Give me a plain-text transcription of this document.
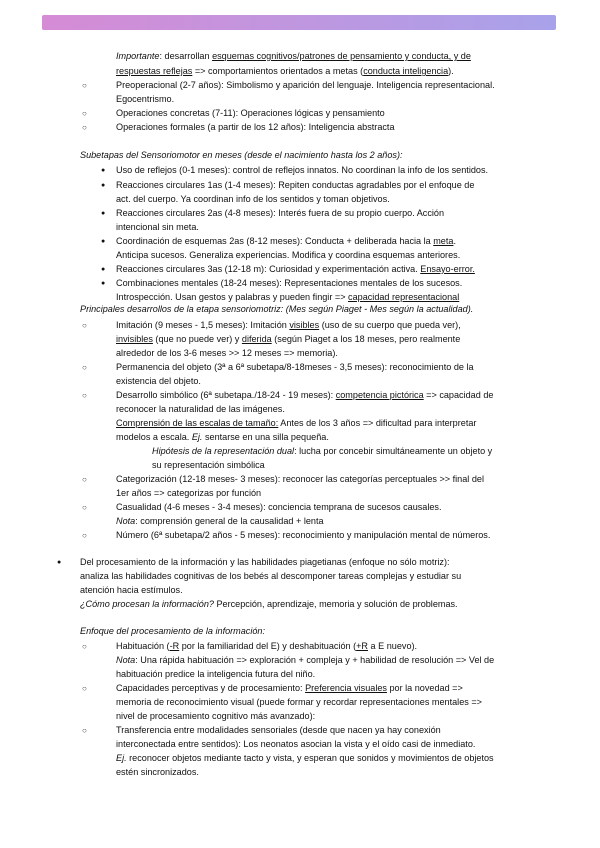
Importante: desarrollan esquemas cognitivos/patrones de pensamiento y conducta, y de
respuestas reflejas => comportamientos orientados a metas (conducta inteligencia).
○	Preoperacional (2-7 años): Simbolismo y aparición del lenguaje. Inteligencia representacional.
Egocentrismo.
○	Operaciones concretas (7-11): Operaciones lógicas y pensamiento
○	Operaciones formales (a partir de los 12 años): Inteligencia abstracta
Subetapas del Sensoriomotor en meses (desde el nacimiento hasta los 2 años):
● Uso de reflejos (0-1 meses): control de reflejos innatos. No coordinan la info de los sentidos.
● Reacciones circulares 1as (1-4 meses): Repiten conductas agradables por el enfoque de
act. del cuerpo. Ya coordinan info de los sentidos y toman objetivos.
● Reacciones circulares 2as (4-8 meses): Interés fuera de su propio cuerpo. Acción
intencional sin meta.
● Coordinación de esquemas 2as (8-12 meses): Conducta + deliberada hacia la meta.
Anticipa sucesos. Generaliza experiencias. Modifica y coordina esquemas anteriores.
● Reacciones circulares 3as (12-18 m): Curiosidad y experimentación activa. Ensayo-error.
● Combinaciones mentales (18-24 meses): Representaciones mentales de los sucesos.
Introspección. Usan gestos y palabras y pueden fingir => capacidad representacional
Principales desarrollos de la etapa sensoriomotriz: (Mes según Piaget - Mes según la actualidad).
○	Imitación (9 meses - 1,5 meses): Imitación visibles (uso de su cuerpo que pueda ver),
invisibles (que no puede ver) y diferida (según Piaget a los 18 meses, pero realmente
alrededor de los 3-6 meses >> 12 meses => memoria).
○	Permanencia del objeto (3ª a 6ª subetapa/8-18meses - 3,5 meses): reconocimiento de la
existencia del objeto.
○	Desarrollo simbólico (6ª subetapa./18-24 - 19 meses): competencia pictórica => capacidad de
reconocer la naturalidad de las imágenes.
Comprensión de las escalas de tamaño: Antes de los 3 años => dificultad para interpretar
modelos a escala. Ej. sentarse en una silla pequeña.
Hipótesis de la representación dual: lucha por concebir simultáneamente un objeto y
su representación simbólica
○	Categorización (12-18 meses- 3 meses): reconocer las categorías perceptuales >> final del
1er años => categorizas por función
○	Casualidad (4-6 meses - 3-4 meses): conciencia temprana de sucesos causales.
Nota: comprensión general de la causalidad + lenta
○	Número (6ª subetapa/2 años - 5 meses): reconocimiento y manipulación mental de números.
● Del procesamiento de la información y las habilidades piagetianas (enfoque no sólo motriz):
analiza las habilidades cognitivas de los bebés al descomponer tareas complejas y estudiar su
atención hacia estímulos.
¿Cómo procesan la información? Percepción, aprendizaje, memoria y solución de problemas.
Enfoque del procesamiento de la información:
○	Habituación (-R por la familiaridad del E) y deshabituación (+R a E nuevo).
Nota: Una rápida habituación => exploración + compleja y + habilidad de resolución => Vel de
habituación predice la inteligencia futura del niño.
○	Capacidades perceptivas y de procesamiento: Preferencia visuales por la novedad =>
memoria de reconocimiento visual (puede formar y recordar representaciones mentales =>
nivel de procesamiento cognitivo más avanzado):
○	Transferencia entre modalidades sensoriales (desde que nacen ya hay conexión
interconectada entre sentidos): Los neonatos asocian la vista y el oído casi de inmediato.
Ej. reconocer objetos mediante tacto y vista, y esperan que sonidos y movimientos de objetos
estén sincronizados.
